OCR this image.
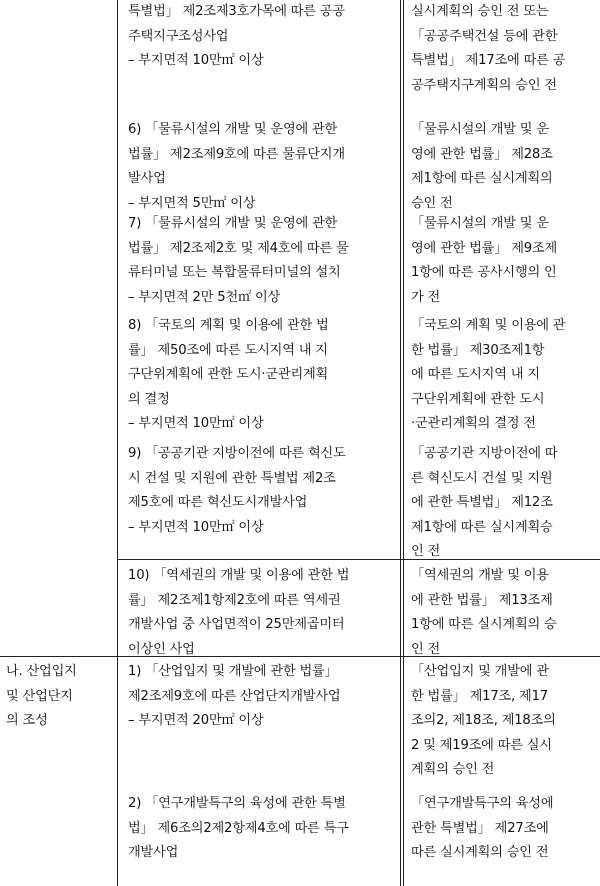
나. 산업입지
및 산업단지
의 조성
특별법」 제2조제3호가목에 따른 공공
주택지구조성사업
– 부지면적 10만㎡ 이상
실시계획의 승인 전 또는
「공공주택건설 등에 관한
특별법」 제17조에 따른 공
공주택지구계획의 승인 전
6) 「물류시설의 개발 및 운영에 관한
법률」 제2조제9호에 따른 물류단지개
발사업
– 부지면적 5만㎡ 이상
「물류시설의 개발 및 운
영에 관한 법률」 제28조
제1항에 따른 실시계획의
승인 전
7) 「물류시설의 개발 및 운영에 관한
법률」 제2조제2호 및 제4호에 따른 물
류터미널 또는 복합물류터미널의 설치
– 부지면적 2만 5천㎡ 이상
「물류시설의 개발 및 운
영에 관한 법률」 제9조제
1항에 따른 공사시행의 인
가 전
8) 「국토의 계획 및 이용에 관한 법
률」 제50조에 따른 도시지역 내 지
구단위계획에 관한 도시·군관리계획
의 결정
– 부지면적 10만㎡ 이상
「국토의 계획 및 이용에 관
한 법률」 제30조제1항
에 따른 도시지역 내 지
구단위계획에 관한 도시
·군관리계획의 결정 전
9) 「공공기관 지방이전에 따른 혁신도
시 건설 및 지원에 관한 특별법 제2조
제5호에 따른 혁신도시개발사업
– 부지면적 10만㎡ 이상
「공공기관 지방이전에 따
른 혁신도시 건설 및 지원
에 관한 특별법」 제12조
제1항에 따른 실시계획승
인 전
10) 「역세권의 개발 및 이용에 관한 법
률」 제2조제1항제2호에 따른 역세권
개발사업 중 사업면적이 25만제곱미터
이상인 사업
「역세권의 개발 및 이용
에 관한 법률」 제13조제
1항에 따른 실시계획의 승
인 전
1) 「산업입지 및 개발에 관한 법률」
제2조제9호에 따른 산업단지개발사업
– 부지면적 20만㎡ 이상
「산업입지 및 개발에 관
한 법률」 제17조, 제17
조의2, 제18조, 제18조의
2 및 제19조에 따른 실시
계획의 승인 전
2) 「연구개발특구의 육성에 관한 특별
법」 제6조의2제2항제4호에 따른 특구
개발사업
「연구개발특구의 육성에
관한 특별법」 제27조에
따른 실시계획의 승인 전
